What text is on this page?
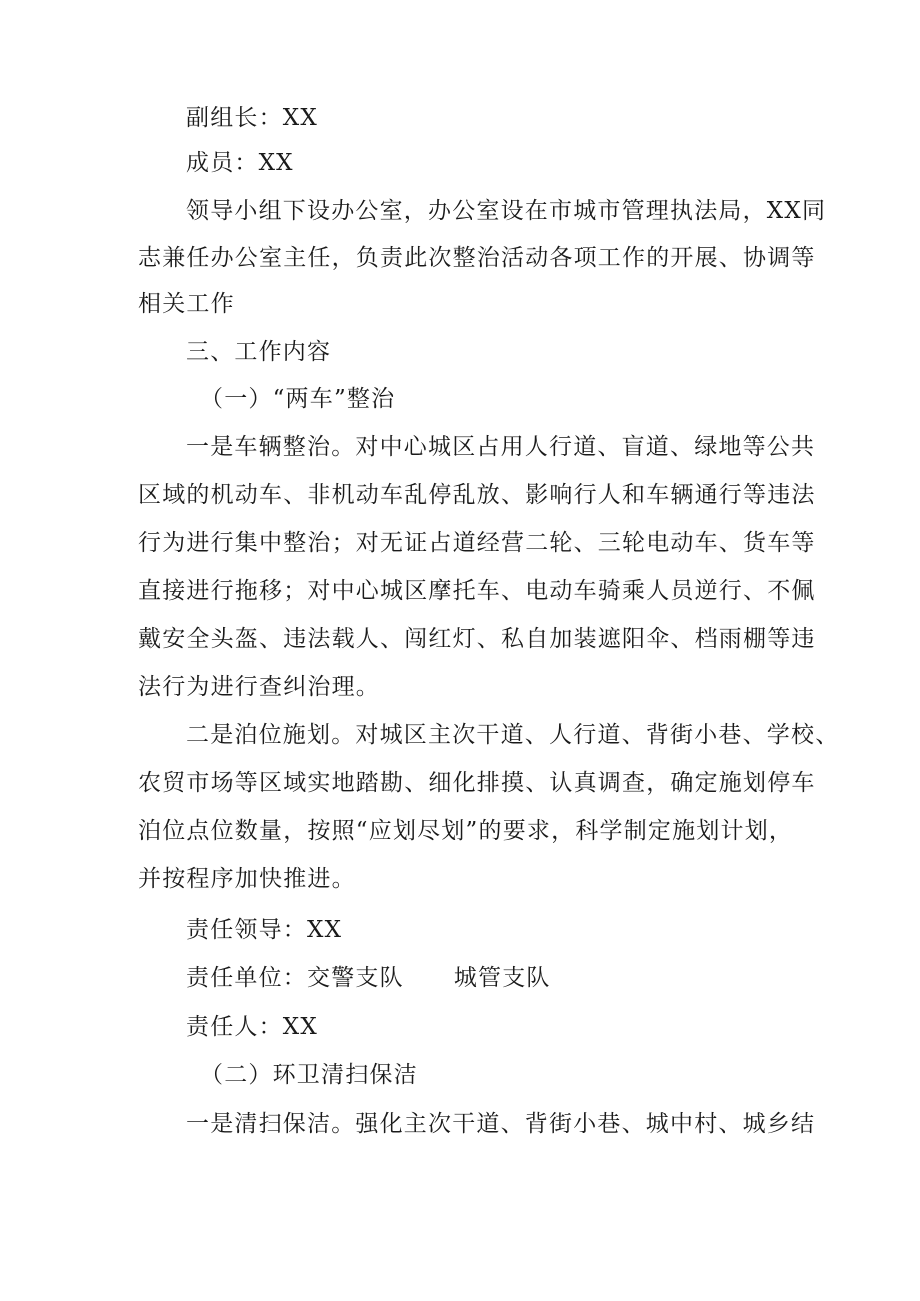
副组长：XX
成员：XX
领导小组下设办公室，办公室设在市城市管理执法局，XX同
志兼任办公室主任，负责此次整治活动各项工作的开展、协调等
相关工作
三、工作内容
（一）“两车”整治
一是车辆整治。对中心城区占用人行道、盲道、绿地等公共
区域的机动车、非机动车乱停乱放、影响行人和车辆通行等违法
行为进行集中整治；对无证占道经营二轮、三轮电动车、货车等
直接进行拖移；对中心城区摩托车、电动车骑乘人员逆行、不佩
戴安全头盔、违法载人、闯红灯、私自加装遮阳伞、档雨棚等违
法行为进行查纠治理。
二是泊位施划。对城区主次干道、人行道、背街小巷、学校、
农贸市场等区域实地踏勘、细化排摸、认真调查，确定施划停车
泊位点位数量，按照“应划尽划”的要求，科学制定施划计划，
并按程序加快推进。
责任领导：XX
责任单位：交警支队 城管支队
责任人：XX
（二）环卫清扫保洁
一是清扫保洁。强化主次干道、背街小巷、城中村、城乡结
